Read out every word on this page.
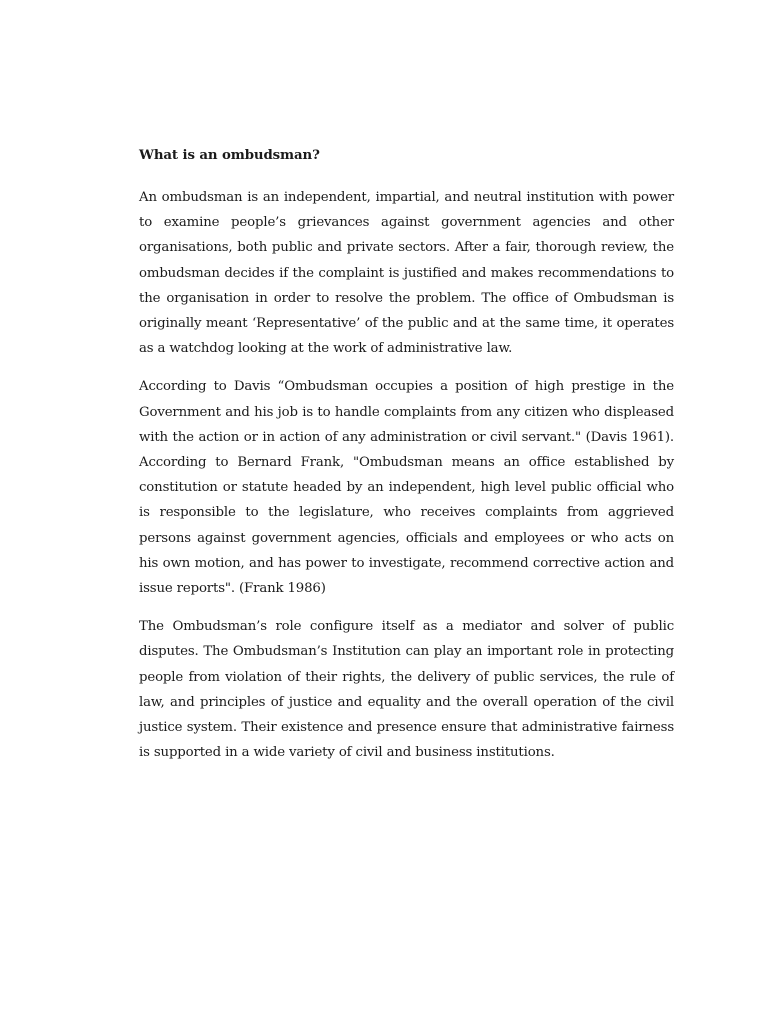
What is an ombudsman?

An ombudsman is an independent, impartial, and neutral institution with power to examine people’s grievances against government agencies and other organisations, both public and private sectors. After a fair, thorough review, the ombudsman decides if the complaint is justified and makes recommendations to the organisation in order to resolve the problem. The office of Ombudsman is originally meant ‘Representative’ of the public and at the same time, it operates as a watchdog looking at the work of administrative law.

According to Davis “Ombudsman occupies a position of high prestige in the Government and his job is to handle complaints from any citizen who displeased with the action or in action of any administration or civil servant." (Davis 1961). According to Bernard Frank, "Ombudsman means an office established by constitution or statute headed by an independent, high level public official who is responsible to the legislature, who receives complaints from aggrieved persons against government agencies, officials and employees or who acts on his own motion, and has power to investigate, recommend corrective action and issue reports". (Frank 1986)

The Ombudsman’s role configure itself as a mediator and solver of public disputes. The Ombudsman’s Institution can play an important role in protecting people from violation of their rights, the delivery of public services, the rule of law, and principles of justice and equality and the overall operation of the civil justice system. Their existence and presence ensure that administrative fairness is supported in a wide variety of civil and business institutions.
